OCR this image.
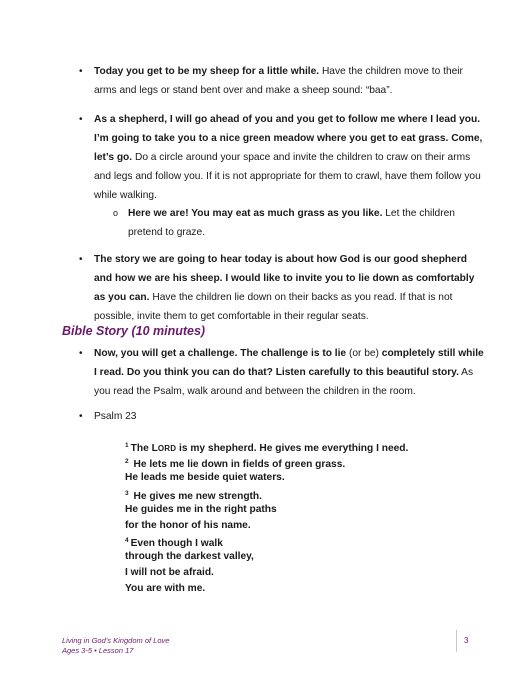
• Today you get to be my sheep for a little while. Have the children move to their arms and legs or stand bent over and make a sheep sound: “baa”.
• As a shepherd, I will go ahead of you and you get to follow me where I lead you. I’m going to take you to a nice green meadow where you get to eat grass. Come, let’s go. Do a circle around your space and invite the children to craw on their arms and legs and follow you. If it is not appropriate for them to crawl, have them follow you while walking.
o Here we are! You may eat as much grass as you like. Let the children pretend to graze.
• The story we are going to hear today is about how God is our good shepherd and how we are his sheep. I would like to invite you to lie down as comfortably as you can. Have the children lie down on their backs as you read. If that is not possible, invite them to get comfortable in their regular seats.
Bible Story (10 minutes)
• Now, you will get a challenge. The challenge is to lie (or be) completely still while I read. Do you think you can do that? Listen carefully to this beautiful story. As you read the Psalm, walk around and between the children in the room.
• Psalm 23
$^1$ The LORD is my shepherd. He gives me everything I need.
$^2$ He lets me lie down in fields of green grass.
He leads me beside quiet waters.
$^3$ He gives me new strength.
He guides me in the right paths
for the honor of his name.
$^4$ Even though I walk
through the darkest valley,
I will not be afraid.
You are with me.
Living in God’s Kingdom of Love
Ages 3-5 • Lesson 17
3
